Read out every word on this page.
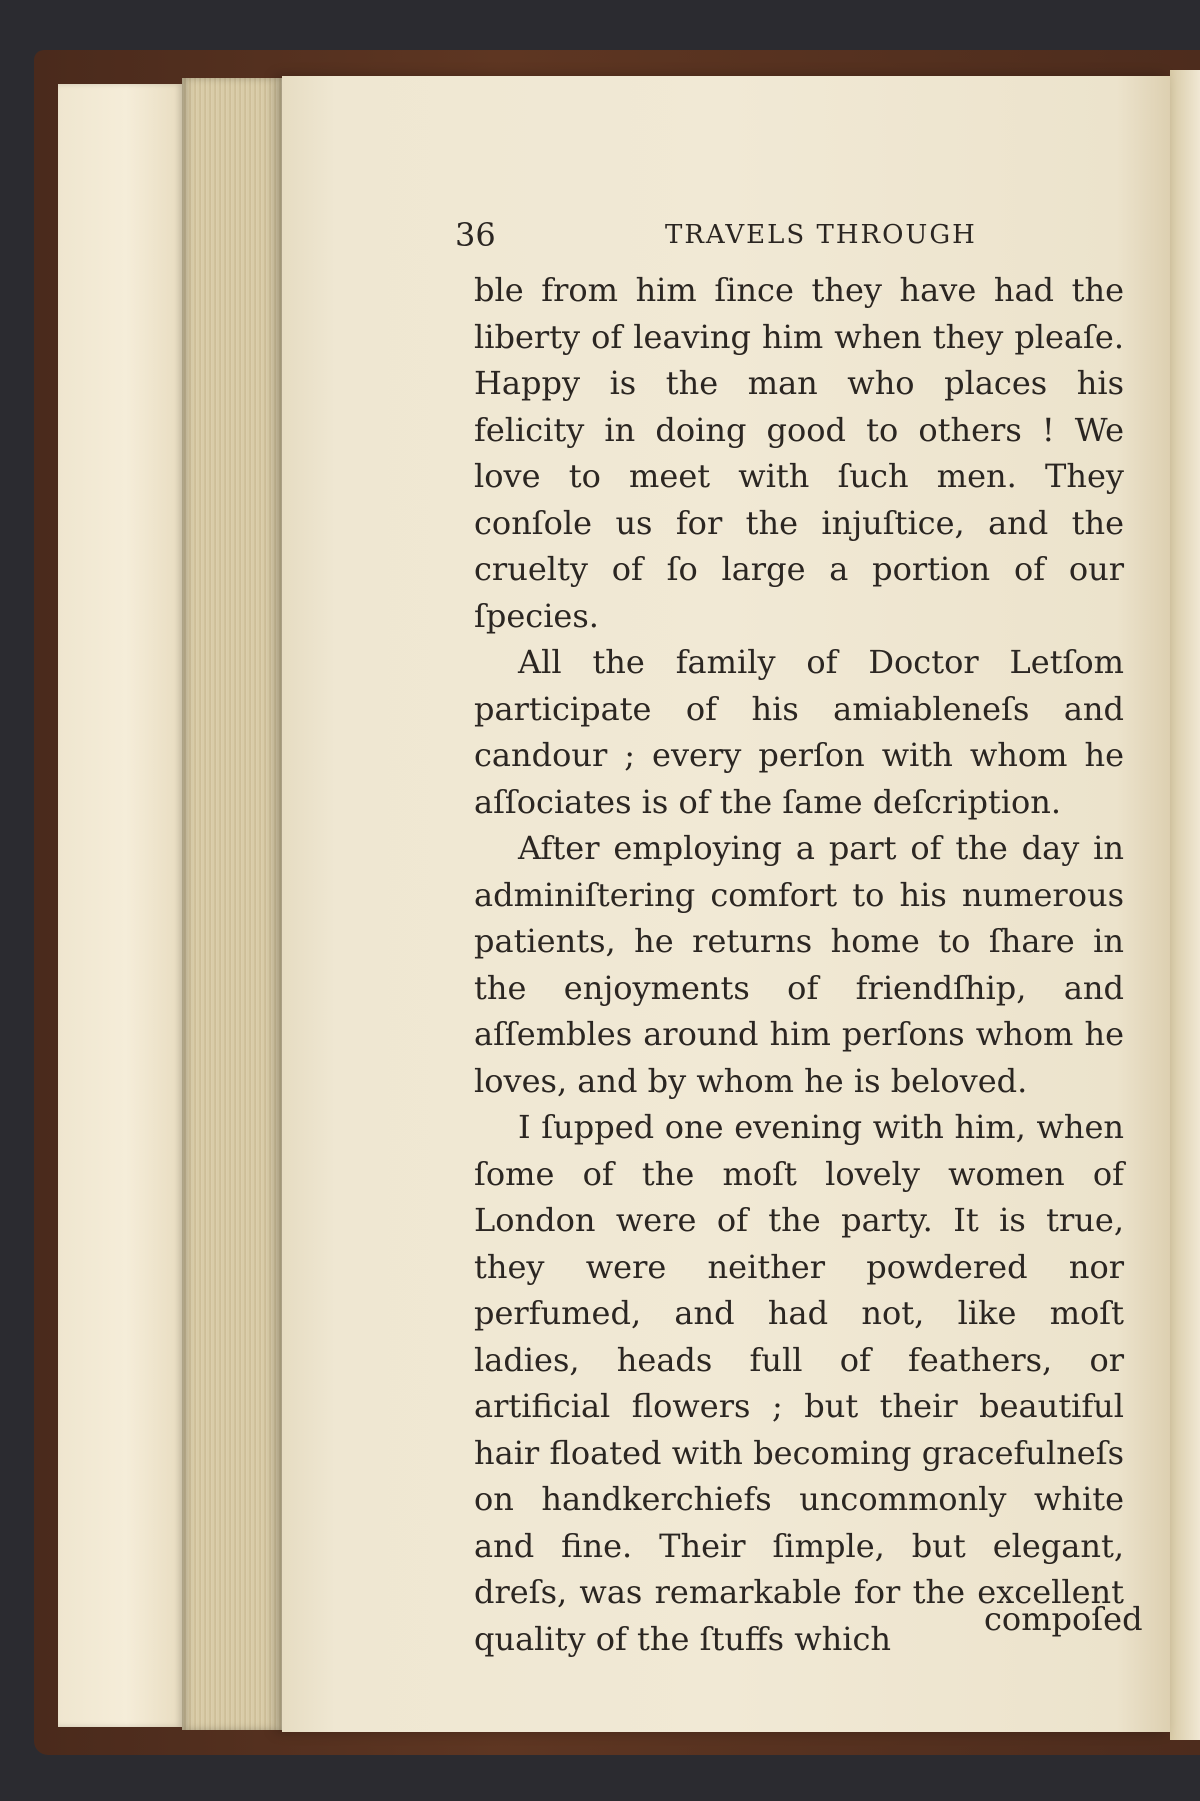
36	TRAVELS THROUGH

ble from him ſince they have had the liberty of leaving him when they pleaſe. Happy is the man who places his felicity in doing good to others ! We love to meet with ſuch men. They conſole us for the injuſtice, and the cruelty of ſo large a portion of our ſpecies.

All the family of Doctor Letſom participate of his amiableneſs and candour ; every perſon with whom he aſſociates is of the ſame deſcription.

After employing a part of the day in adminiſtering comfort to his numerous patients, he returns home to ſhare in the enjoyments of friendſhip, and aſſembles around him perſons whom he loves, and by whom he is beloved.

I ſupped one evening with him, when ſome of the moſt lovely women of London were of the party. It is true, they were neither powdered nor perfumed, and had not, like moſt ladies, heads full of feathers, or artificial flowers ; but their beautiful hair floated with becoming gracefulneſs on handkerchiefs uncommonly white and fine. Their ſimple, but elegant, dreſs, was remarkable for the excellent quality of the ſtuffs which

compoſed
